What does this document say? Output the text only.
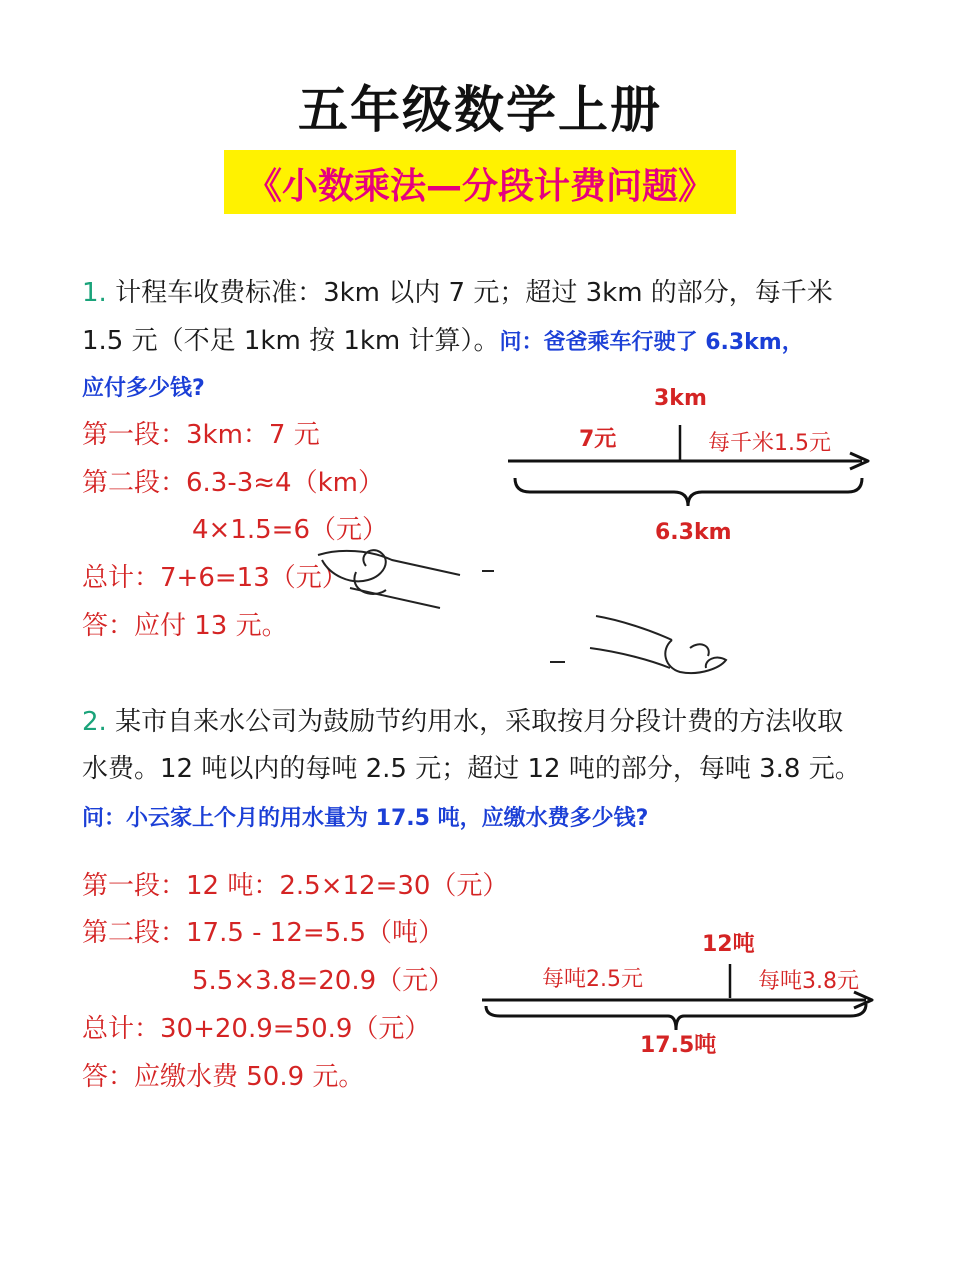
五年级数学上册
《小数乘法—分段计费问题》
1. 计程车收费标准：3km 以内 7 元；超过 3km 的部分，每千米
1.5 元（不足 1km 按 1km 计算）。问：爸爸乘车行驶了 6.3km，
应付多少钱?
第一段：3km：7 元
第二段：6.3-3≈4（km）
4×1.5=6（元）
总计：7+6=13（元）
答：应付 13 元。
3km
7元	每千米1.5元
6.3km
2. 某市自来水公司为鼓励节约用水，采取按月分段计费的方法收取
水费。12 吨以内的每吨 2.5 元；超过 12 吨的部分，每吨 3.8 元。
问：小云家上个月的用水量为 17.5 吨，应缴水费多少钱?
第一段：12 吨：2.5×12=30（元）
第二段：17.5 - 12=5.5（吨）
5.5×3.8=20.9（元）
总计：30+20.9=50.9（元）
答：应缴水费 50.9 元。
12吨
每吨2.5元	每吨3.8元
17.5吨
